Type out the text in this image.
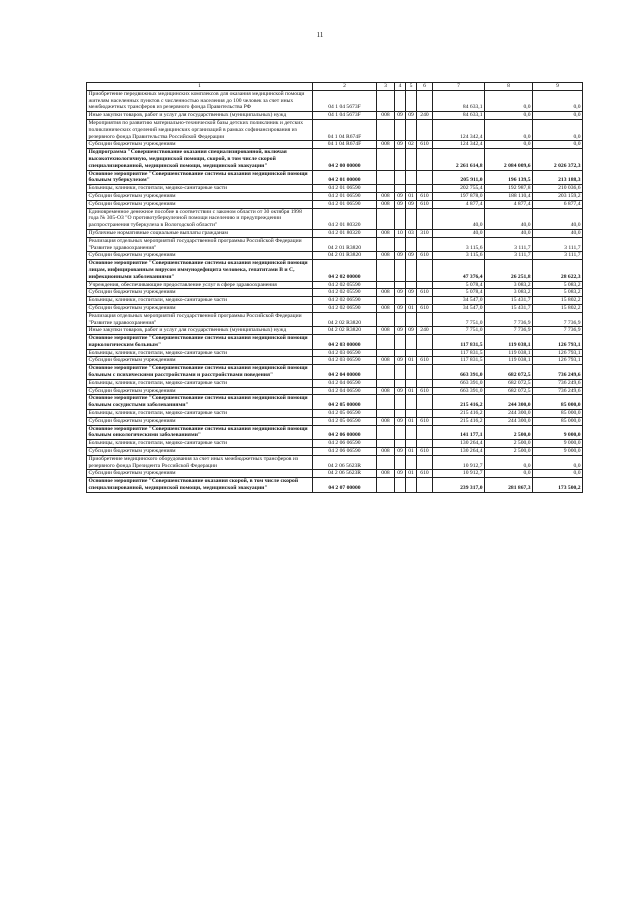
11
1	2	3	4	5	6	7	8	9
Приобретение передвижных медицинских комплексов для оказания медицинской помощи жителям населенных пунктов с численностью населения до 100 человек за счет иных межбюджетных трансферов из резервного фонда Правительства РФ	04 1 04 5673F					84 633,1	0,0	0,0
Иные закупки товаров, работ и услуг для государственных (муниципальных) нужд	04 1 04 5673F	008	09	09	240	84 633,1	0,0	0,0
Мероприятия по развитию материально-технической базы детских поликлиник и детских поликлинических отделений медицинских организаций в рамках софинансирования из резервного фонда Правительства Российской Федерации	04 1 04 R674F					124 342,4	0,0	0,0
Субсидии бюджетным учреждениям	04 1 04 R674F	008	09	02	610	124 342,4	0,0	0,0
Подпрограмма "Совершенствование оказания специализированной, включая высокотехнологичную, медицинской помощи, скорой, в том числе скорой специализированной, медицинской помощи, медицинской эвакуации"	04 2 00 00000					2 261 614,8	2 084 009,6	2 026 372,3
Основное мероприятие "Совершенствование системы оказания медицинской помощи больным туберкулезом"	04 2 01 00000					205 911,0	196 139,5	213 188,3
Больницы, клиники, госпитали, медико-санитарные части	04 2 01 06590					202 755,4	192 987,8	210 036,6
Субсидии бюджетным учреждениям	04 2 01 06590	008	09	01	610	197 878,0	188 110,4	203 159,2
Субсидии бюджетным учреждениям	04 2 01 06590	008	09	09	610	4 877,4	4 877,4	6 877,4
Единовременное денежное пособие в соответствии с законом области от 30 октября 1998 года № 305-ОЗ "О противотуберкулезной помощи населению и предупреждении распространения туберкулеза в Вологодской области"	04 2 01 80320					40,0	40,0	40,0
Публичные нормативные социальные выплаты гражданам	04 2 01 80320	008	10	03	310	40,0	40,0	40,0
Реализация отдельных мероприятий государственной программы Российской Федерации "Развитие здравоохранения"	04 2 01 R3820					3 115,6	3 111,7	3 111,7
Субсидии бюджетным учреждениям	04 2 01 R3820	008	09	09	610	3 115,6	3 111,7	3 111,7
Основное мероприятие "Совершенствование системы оказания медицинской помощи лицам, инфицированным вирусом иммунодефицита человека, гепатитами В и С, инфекционными заболеваниями"	04 2 02 00000					47 376,4	26 251,8	28 622,3
Учреждения, обеспечивающие предоставление услуг в сфере здравоохранения	04 2 02 05590					5 078,4	3 083,2	5 083,2
Субсидии бюджетным учреждениям	04 2 02 05590	008	09	09	610	5 078,4	3 083,2	5 083,2
Больницы, клиники, госпитали, медико-санитарные части	04 2 02 06590					34 547,0	15 431,7	15 802,2
Субсидии бюджетным учреждениям	04 2 02 06590	008	09	01	610	34 547,0	15 431,7	15 802,2
Реализация отдельных мероприятий государственной программы Российской Федерации "Развитие здравоохранения"	04 2 02 R3820					7 751,0	7 736,9	7 736,9
Иные закупки товаров, работ и услуг для государственных (муниципальных) нужд	04 2 02 R3820	008	09	09	240	7 751,0	7 736,9	7 736,9
Основное мероприятие "Совершенствование системы оказания медицинской помощи наркологическим больным"	04 2 03 00000					117 831,5	119 038,1	126 793,1
Больницы, клиники, госпитали, медико-санитарные части	04 2 03 06590					117 831,5	119 038,1	126 793,1
Субсидии бюджетным учреждениям	04 2 03 06590	008	09	01	610	117 831,5	119 038,1	126 793,1
Основное мероприятие "Совершенствование системы оказания медицинской помощи больным с психическими расстройствами и расстройствами поведения"	04 2 04 00000					663 391,0	682 072,5	736 249,6
Больницы, клиники, госпитали, медико-санитарные части	04 2 04 06590					663 391,0	682 072,5	736 249,6
Субсидии бюджетным учреждениям	04 2 04 06590	008	09	01	610	663 391,0	682 072,5	736 249,6
Основное мероприятие "Совершенствование системы оказания медицинской помощи больным сосудистыми заболеваниями"	04 2 05 00000					215 416,2	244 300,0	85 000,0
Больницы, клиники, госпитали, медико-санитарные части	04 2 05 06590					215 416,2	244 300,0	85 000,0
Субсидии бюджетным учреждениям	04 2 05 06590	008	09	01	610	215 416,2	244 300,0	85 000,0
Основное мероприятие "Совершенствование системы оказания медицинской помощи больным онкологическими заболеваниями"	04 2 06 00000					141 177,1	2 500,0	9 000,0
Больницы, клиники, госпитали, медико-санитарные части	04 2 06 06590					130 264,4	2 500,0	9 000,0
Субсидии бюджетным учреждениям	04 2 06 06590	008	09	01	610	130 264,4	2 500,0	9 000,0
Приобретение медицинского оборудования за счет иных межбюджетных трансферов из резервного фонда Президента Российской Федерации	04 2 06 5623R					10 912,7	0,0	0,0
Субсидии бюджетным учреждениям	04 2 06 5623R	008	09	01	610	10 912,7	0,0	0,0
Основное мероприятие "Совершенствование оказания скорой, в том числе скорой специализированной, медицинской помощи, медицинской эвакуации"	04 2 07 00000					239 317,0	281 867,3	173 500,2
